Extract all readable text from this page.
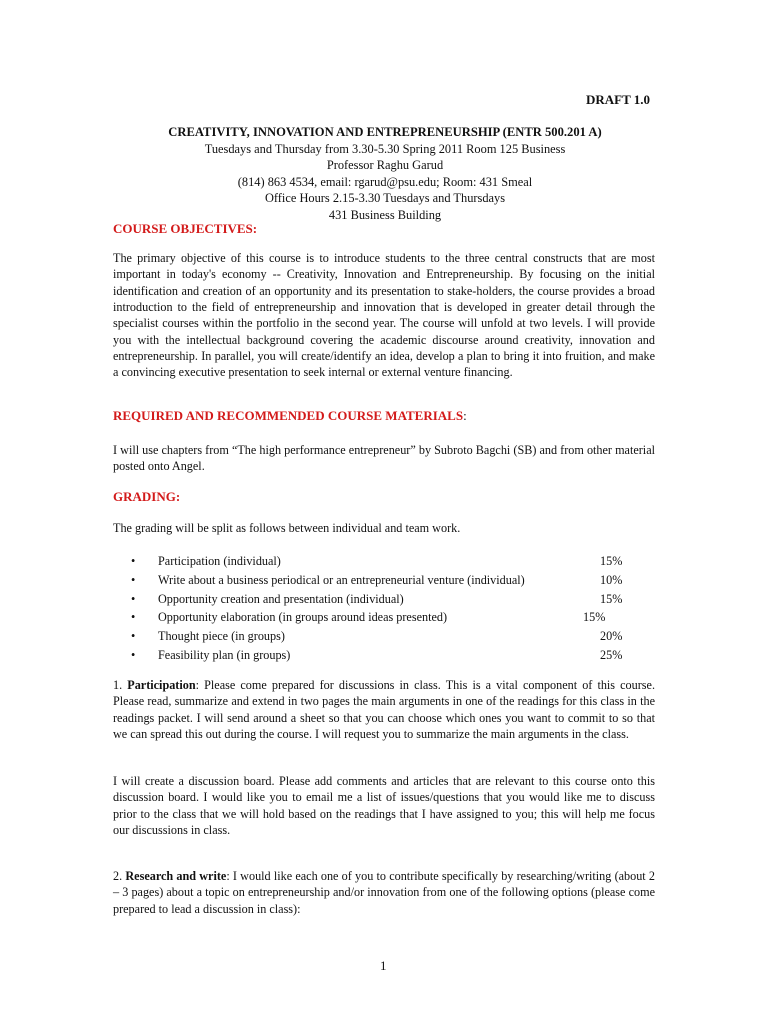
DRAFT 1.0
CREATIVITY, INNOVATION AND ENTREPRENEURSHIP (ENTR 500.201 A)
Tuesdays and Thursday from 3.30-5.30 Spring 2011 Room 125 Business
Professor Raghu Garud
(814) 863 4534, email: rgarud@psu.edu; Room: 431 Smeal
Office Hours 2.15-3.30 Tuesdays and Thursdays
431 Business Building
COURSE OBJECTIVES:
The primary objective of this course is to introduce students to the three central constructs that are most important in today's economy -- Creativity, Innovation and Entrepreneurship. By focusing on the initial identification and creation of an opportunity and its presentation to stake-holders, the course provides a broad introduction to the field of entrepreneurship and innovation that is developed in greater detail through the specialist courses within the portfolio in the second year. The course will unfold at two levels. I will provide you with the intellectual background covering the academic discourse around creativity, innovation and entrepreneurship. In parallel, you will create/identify an idea, develop a plan to bring it into fruition, and make a convincing executive presentation to seek internal or external venture financing.
REQUIRED AND RECOMMENDED COURSE MATERIALS:
I will use chapters from “The high performance entrepreneur” by Subroto Bagchi (SB) and from other material posted onto Angel.
GRADING:
The grading will be split as follows between individual and team work.
• Participation (individual)	15%
• Write about a business periodical or an entrepreneurial venture (individual)	10%
• Opportunity creation and presentation (individual)	15%
• Opportunity elaboration (in groups around ideas presented)	15%
• Thought piece (in groups)	20%
• Feasibility plan (in groups)	25%
1. Participation: Please come prepared for discussions in class. This is a vital component of this course. Please read, summarize and extend in two pages the main arguments in one of the readings for this class in the readings packet. I will send around a sheet so that you can choose which ones you want to commit to so that we can spread this out during the course. I will request you to summarize the main arguments in the class.
I will create a discussion board. Please add comments and articles that are relevant to this course onto this discussion board. I would like you to email me a list of issues/questions that you would like me to discuss prior to the class that we will hold based on the readings that I have assigned to you; this will help me focus our discussions in class.
2. Research and write: I would like each one of you to contribute specifically by researching/writing (about 2 – 3 pages) about a topic on entrepreneurship and/or innovation from one of the following options (please come prepared to lead a discussion in class):
1
